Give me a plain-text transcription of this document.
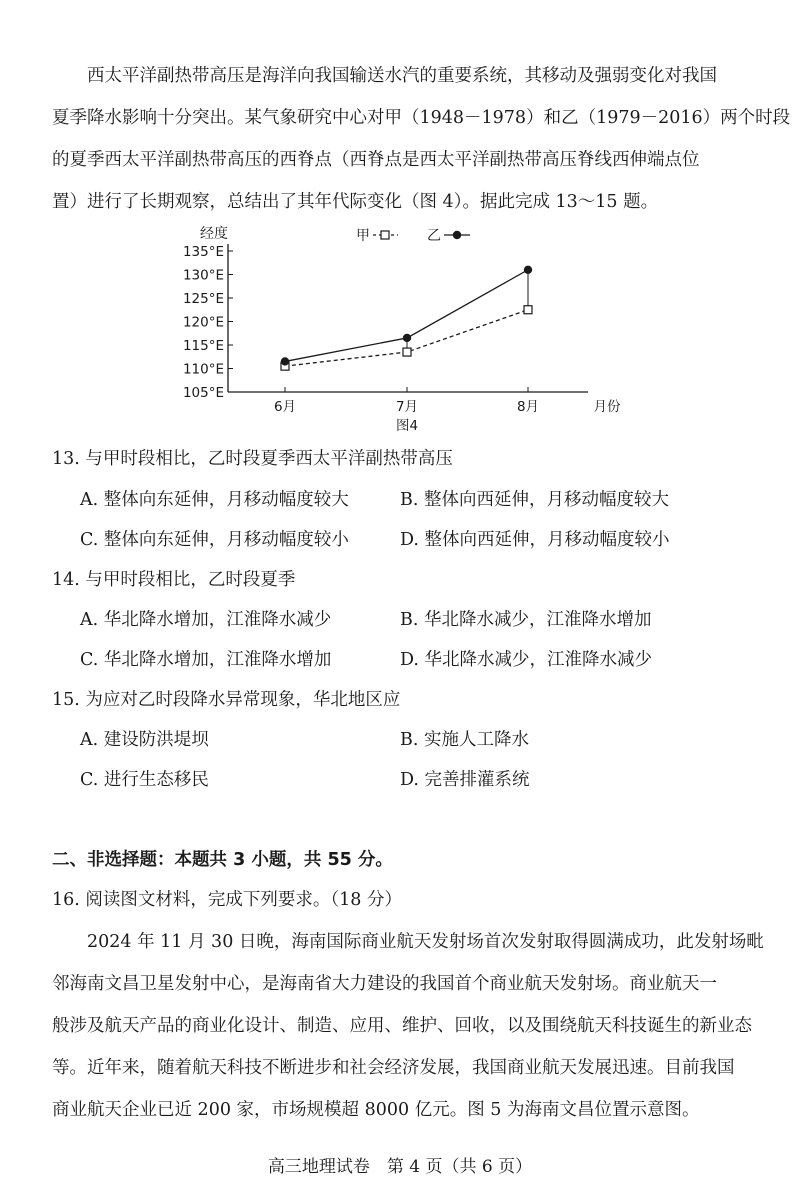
西太平洋副热带高压是海洋向我国输送水汽的重要系统，其移动及强弱变化对我国
夏季降水影响十分突出。某气象研究中心对甲（1948－1978）和乙（1979－2016）两个时段
的夏季西太平洋副热带高压的西脊点（西脊点是西太平洋副热带高压脊线西伸端点位
置）进行了长期观察，总结出了其年代际变化（图 4）。据此完成 13～15 题。
经度
135°E
130°E
125°E
120°E
115°E
110°E
105°E
6月	7月	8月	月份
图4
甲	乙
13. 与甲时段相比，乙时段夏季西太平洋副热带高压
A. 整体向东延伸，月移动幅度较大	B. 整体向西延伸，月移动幅度较大
C. 整体向东延伸，月移动幅度较小	D. 整体向西延伸，月移动幅度较小
14. 与甲时段相比，乙时段夏季
A. 华北降水增加，江淮降水减少	B. 华北降水减少，江淮降水增加
C. 华北降水增加，江淮降水增加	D. 华北降水减少，江淮降水减少
15. 为应对乙时段降水异常现象，华北地区应
A. 建设防洪堤坝	B. 实施人工降水
C. 进行生态移民	D. 完善排灌系统
二、非选择题：本题共 3 小题，共 55 分。
16. 阅读图文材料，完成下列要求。（18 分）
2024 年 11 月 30 日晚，海南国际商业航天发射场首次发射取得圆满成功，此发射场毗
邻海南文昌卫星发射中心，是海南省大力建设的我国首个商业航天发射场。商业航天一
般涉及航天产品的商业化设计、制造、应用、维护、回收，以及围绕航天科技诞生的新业态
等。近年来，随着航天科技不断进步和社会经济发展，我国商业航天发展迅速。目前我国
商业航天企业已近 200 家，市场规模超 8000 亿元。图 5 为海南文昌位置示意图。
高三地理试卷　第 4 页（共 6 页）
